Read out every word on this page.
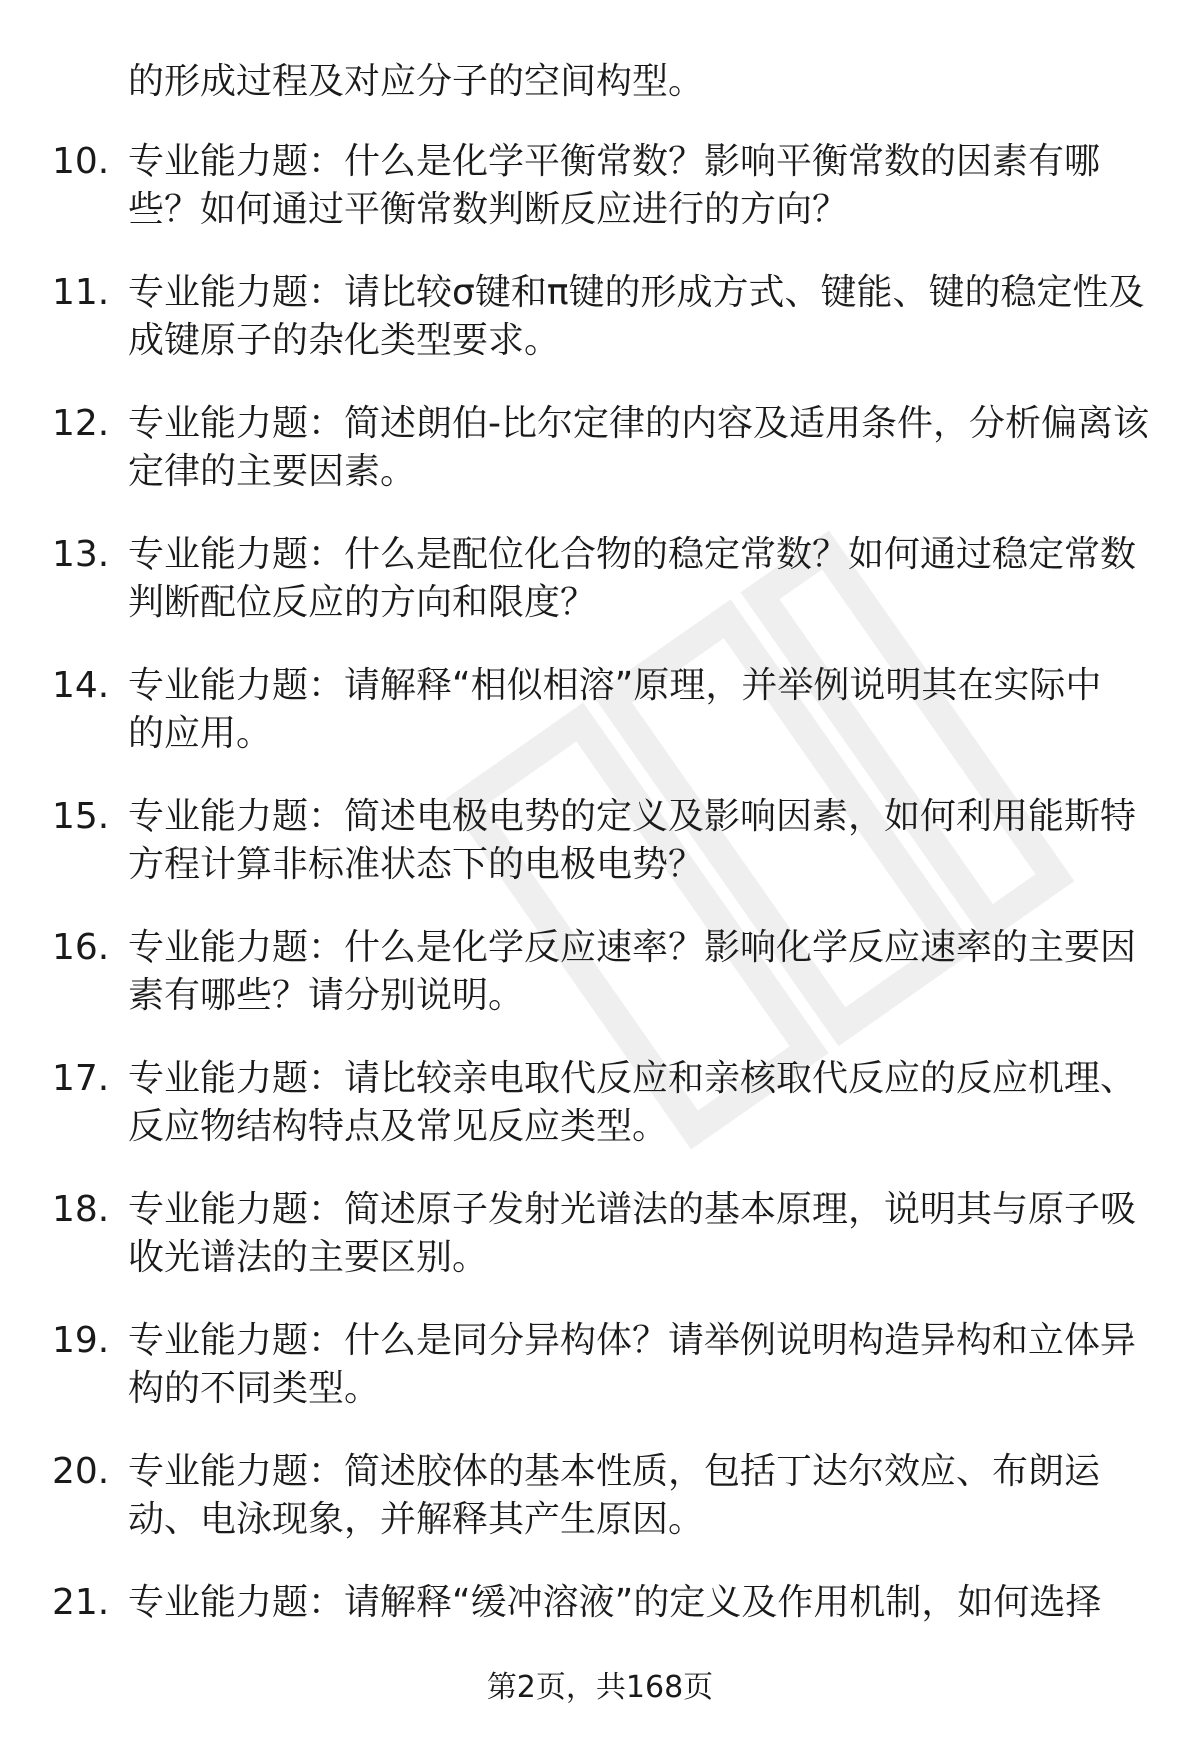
的形成过程及对应分子的空间构型。

10. 专业能力题：什么是化学平衡常数？影响平衡常数的因素有哪
些？如何通过平衡常数判断反应进行的方向？
11. 专业能力题：请比较σ键和π键的形成方式、键能、键的稳定性及
成键原子的杂化类型要求。
12. 专业能力题：简述朗伯-比尔定律的内容及适用条件，分析偏离该
定律的主要因素。
13. 专业能力题：什么是配位化合物的稳定常数？如何通过稳定常数
判断配位反应的方向和限度？
14. 专业能力题：请解释“相似相溶”原理，并举例说明其在实际中
的应用。
15. 专业能力题：简述电极电势的定义及影响因素，如何利用能斯特
方程计算非标准状态下的电极电势？
16. 专业能力题：什么是化学反应速率？影响化学反应速率的主要因
素有哪些？请分别说明。
17. 专业能力题：请比较亲电取代反应和亲核取代反应的反应机理、
反应物结构特点及常见反应类型。
18. 专业能力题：简述原子发射光谱法的基本原理，说明其与原子吸
收光谱法的主要区别。
19. 专业能力题：什么是同分异构体？请举例说明构造异构和立体异
构的不同类型。
20. 专业能力题：简述胶体的基本性质，包括丁达尔效应、布朗运
动、电泳现象，并解释其产生原因。
21. 专业能力题：请解释“缓冲溶液”的定义及作用机制，如何选择
第2页，共168页
